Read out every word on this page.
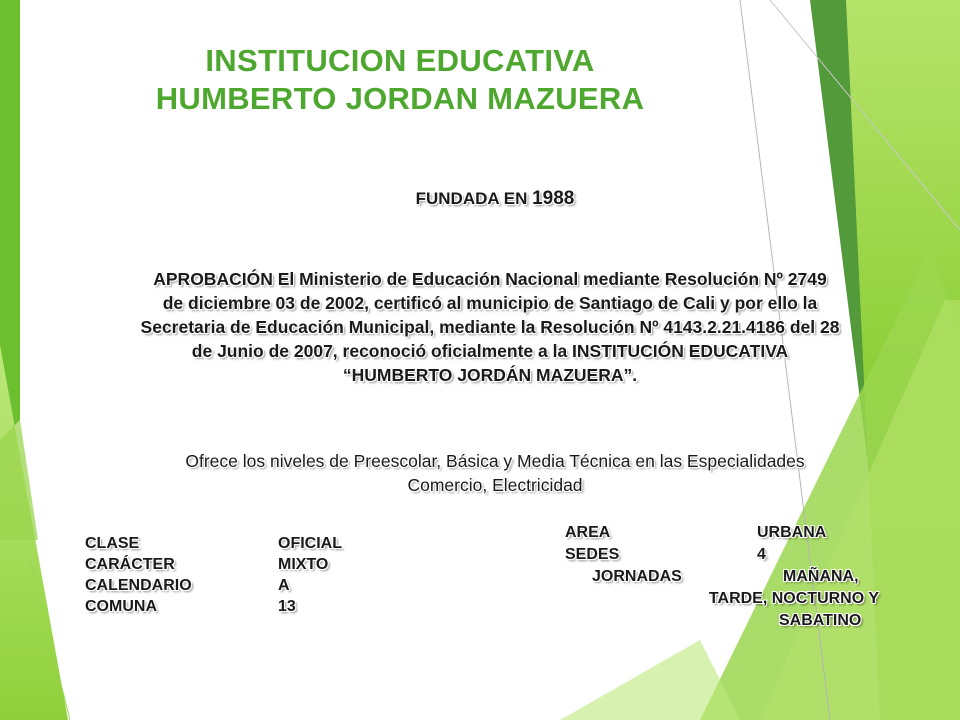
INSTITUCION EDUCATIVA
HUMBERTO JORDAN MAZUERA
FUNDADA EN 1988
APROBACIÓN El Ministerio de Educación Nacional mediante Resolución Nº 2749
de diciembre 03 de 2002, certificó al municipio de Santiago de Cali y por ello la
Secretaria de Educación Municipal, mediante la Resolución Nº 4143.2.21.4186 del 28
de Junio de 2007, reconoció oficialmente a la INSTITUCIÓN EDUCATIVA
“HUMBERTO JORDÁN MAZUERA”.
Ofrece los niveles de Preescolar, Básica y Media Técnica en las Especialidades
Comercio, Electricidad
CLASE	OFICIAL
CARÁCTER	MIXTO
CALENDARIO	A
COMUNA	13
AREA	URBANA
SEDES	4
JORNADAS	MAÑANA,
TARDE, NOCTURNO Y
SABATINO
